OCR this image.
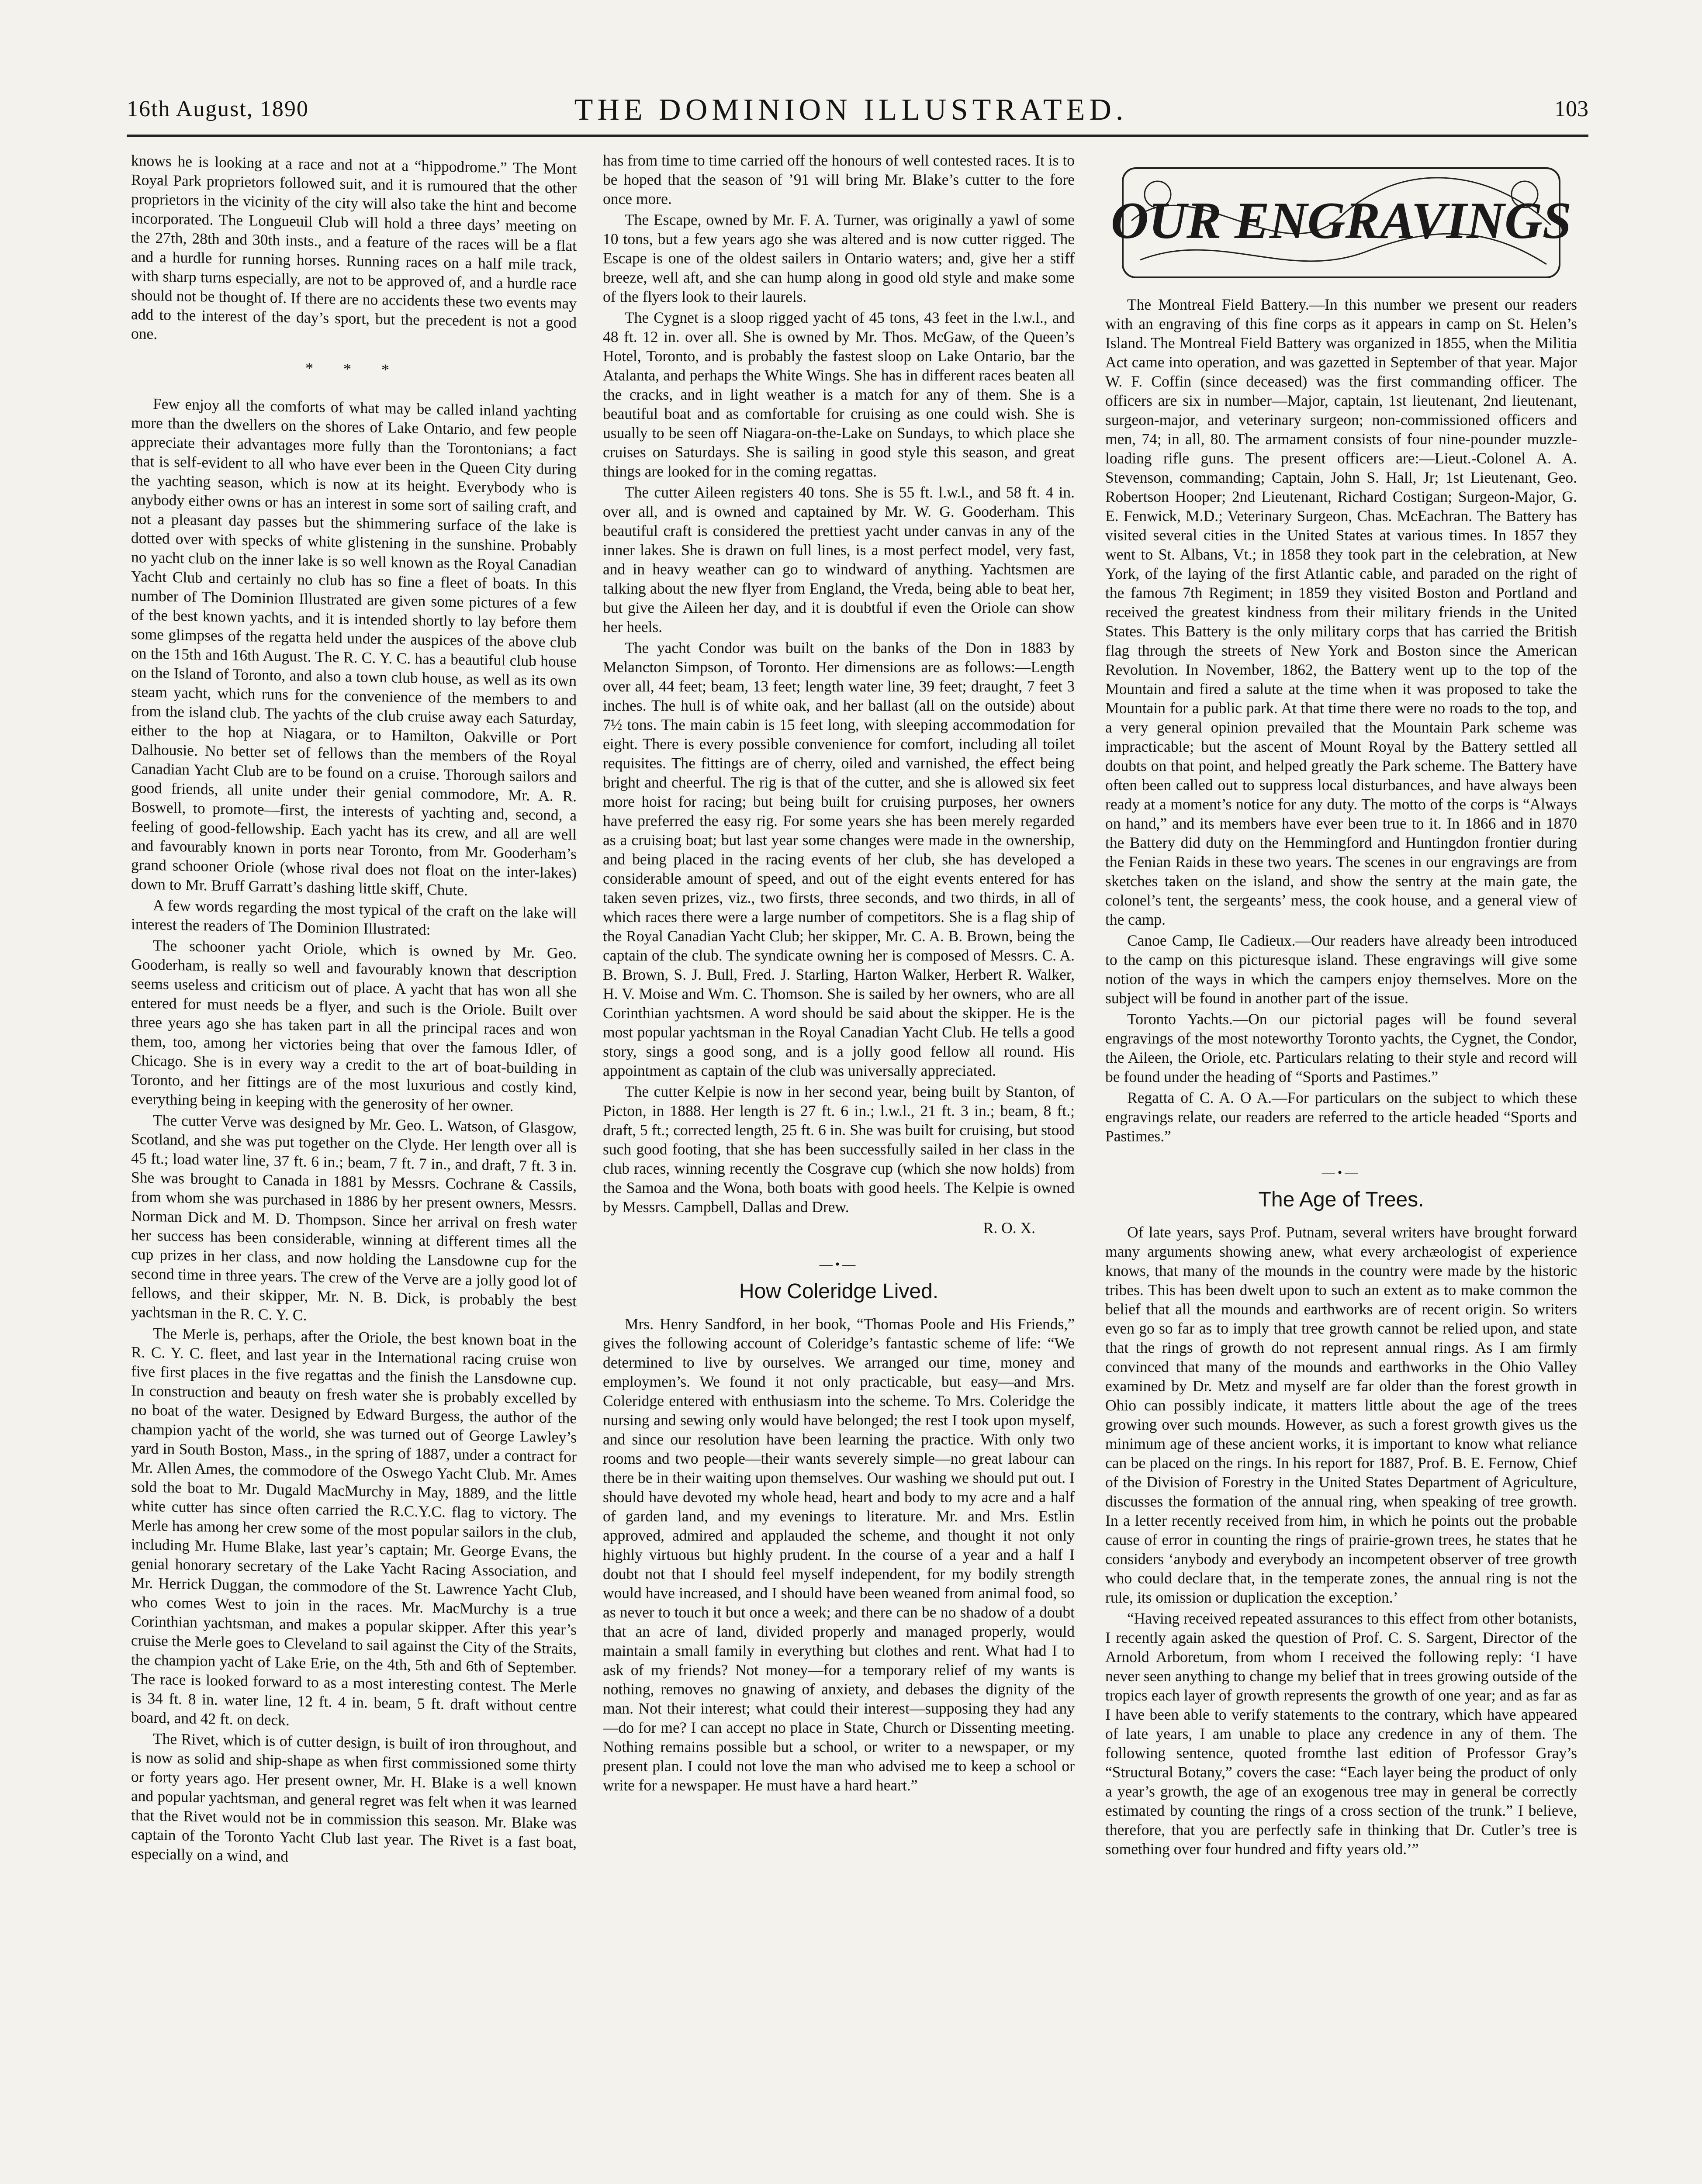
16th August, 1890	THE DOMINION ILLUSTRATED.	103

knows he is looking at a race and not at a “hippodrome.” The Mont Royal Park proprietors followed suit, and it is rumoured that the other proprietors in the vicinity of the city will also take the hint and become incorporated. The Longueuil Club will hold a three days’ meeting on the 27th, 28th and 30th insts., and a feature of the races will be a flat and a hurdle for running horses. Running races on a half mile track, with sharp turns especially, are not to be approved of, and a hurdle race should not be thought of. If there are no accidents these two events may add to the interest of the day’s sport, but the precedent is not a good one.

* * *

Few enjoy all the comforts of what may be called inland yachting more than the dwellers on the shores of Lake Ontario, and few people appreciate their advantages more fully than the Torontonians; a fact that is self-evident to all who have ever been in the Queen City during the yachting season, which is now at its height. Everybody who is anybody either owns or has an interest in some sort of sailing craft, and not a pleasant day passes but the shimmering surface of the lake is dotted over with specks of white glistening in the sunshine. Probably no yacht club on the inner lake is so well known as the Royal Canadian Yacht Club and certainly no club has so fine a fleet of boats. In this number of The Dominion Illustrated are given some pictures of a few of the best known yachts, and it is intended shortly to lay before them some glimpses of the regatta held under the auspices of the above club on the 15th and 16th August. The R. C. Y. C. has a beautiful club house on the Island of Toronto, and also a town club house, as well as its own steam yacht, which runs for the convenience of the members to and from the island club. The yachts of the club cruise away each Saturday, either to the hop at Niagara, or to Hamilton, Oakville or Port Dalhousie. No better set of fellows than the members of the Royal Canadian Yacht Club are to be found on a cruise. Thorough sailors and good friends, all unite under their genial commodore, Mr. A. R. Boswell, to promote—first, the interests of yachting and, second, a feeling of good-fellowship. Each yacht has its crew, and all are well and favourably known in ports near Toronto, from Mr. Gooderham’s grand schooner Oriole (whose rival does not float on the inter-lakes) down to Mr. Bruff Garratt’s dashing little skiff, Chute.

A few words regarding the most typical of the craft on the lake will interest the readers of The Dominion Illustrated:

The schooner yacht Oriole, which is owned by Mr. Geo. Gooderham, is really so well and favourably known that description seems useless and criticism out of place. A yacht that has won all she entered for must needs be a flyer, and such is the Oriole. Built over three years ago she has taken part in all the principal races and won them, too, among her victories being that over the famous Idler, of Chicago. She is in every way a credit to the art of boat-building in Toronto, and her fittings are of the most luxurious and costly kind, everything being in keeping with the generosity of her owner.

The cutter Verve was designed by Mr. Geo. L. Watson, of Glasgow, Scotland, and she was put together on the Clyde. Her length over all is 45 ft.; load water line, 37 ft. 6 in.; beam, 7 ft. 7 in., and draft, 7 ft. 3 in. She was brought to Canada in 1881 by Messrs. Cochrane & Cassils, from whom she was purchased in 1886 by her present owners, Messrs. Norman Dick and M. D. Thompson. Since her arrival on fresh water her success has been considerable, winning at different times all the cup prizes in her class, and now holding the Lansdowne cup for the second time in three years. The crew of the Verve are a jolly good lot of fellows, and their skipper, Mr. N. B. Dick, is probably the best yachtsman in the R. C. Y. C.

The Merle is, perhaps, after the Oriole, the best known boat in the R. C. Y. C. fleet, and last year in the International racing cruise won five first places in the five regattas and the finish the Lansdowne cup. In construction and beauty on fresh water she is probably excelled by no boat of the water. Designed by Edward Burgess, the author of the champion yacht of the world, she was turned out of George Lawley’s yard in South Boston, Mass., in the spring of 1887, under a contract for Mr. Allen Ames, the commodore of the Oswego Yacht Club. Mr. Ames sold the boat to Mr. Dugald MacMurchy in May, 1889, and the little white cutter has since often carried the R.C.Y.C. flag to victory. The Merle has among her crew some of the most popular sailors in the club, including Mr. Hume Blake, last year’s captain; Mr. George Evans, the genial honorary secretary of the Lake Yacht Racing Association, and Mr. Herrick Duggan, the commodore of the St. Lawrence Yacht Club, who comes West to join in the races. Mr. MacMurchy is a true Corinthian yachtsman, and makes a popular skipper. After this year’s cruise the Merle goes to Cleveland to sail against the City of the Straits, the champion yacht of Lake Erie, on the 4th, 5th and 6th of September. The race is looked forward to as a most interesting contest. The Merle is 34 ft. 8 in. water line, 12 ft. 4 in. beam, 5 ft. draft without centre board, and 42 ft. on deck.

The Rivet, which is of cutter design, is built of iron throughout, and is now as solid and ship-shape as when first commissioned some thirty or forty years ago. Her present owner, Mr. H. Blake is a well known and popular yachtsman, and general regret was felt when it was learned that the Rivet would not be in commission this season. Mr. Blake was captain of the Toronto Yacht Club last year. The Rivet is a fast boat, especially on a wind, and

has from time to time carried off the honours of well contested races. It is to be hoped that the season of ’91 will bring Mr. Blake’s cutter to the fore once more.

The Escape, owned by Mr. F. A. Turner, was originally a yawl of some 10 tons, but a few years ago she was altered and is now cutter rigged. The Escape is one of the oldest sailers in Ontario waters; and, give her a stiff breeze, well aft, and she can hump along in good old style and make some of the flyers look to their laurels.

The Cygnet is a sloop rigged yacht of 45 tons, 43 feet in the l.w.l., and 48 ft. 12 in. over all. She is owned by Mr. Thos. McGaw, of the Queen’s Hotel, Toronto, and is probably the fastest sloop on Lake Ontario, bar the Atalanta, and perhaps the White Wings. She has in different races beaten all the cracks, and in light weather is a match for any of them. She is a beautiful boat and as comfortable for cruising as one could wish. She is usually to be seen off Niagara-on-the-Lake on Sundays, to which place she cruises on Saturdays. She is sailing in good style this season, and great things are looked for in the coming regattas.

The cutter Aileen registers 40 tons. She is 55 ft. l.w.l., and 58 ft. 4 in. over all, and is owned and captained by Mr. W. G. Gooderham. This beautiful craft is considered the prettiest yacht under canvas in any of the inner lakes. She is drawn on full lines, is a most perfect model, very fast, and in heavy weather can go to windward of anything. Yachtsmen are talking about the new flyer from England, the Vreda, being able to beat her, but give the Aileen her day, and it is doubtful if even the Oriole can show her heels.

The yacht Condor was built on the banks of the Don in 1883 by Melancton Simpson, of Toronto. Her dimensions are as follows:—Length over all, 44 feet; beam, 13 feet; length water line, 39 feet; draught, 7 feet 3 inches. The hull is of white oak, and her ballast (all on the outside) about 7½ tons. The main cabin is 15 feet long, with sleeping accommodation for eight. There is every possible convenience for comfort, including all toilet requisites. The fittings are of cherry, oiled and varnished, the effect being bright and cheerful. The rig is that of the cutter, and she is allowed six feet more hoist for racing; but being built for cruising purposes, her owners have preferred the easy rig. For some years she has been merely regarded as a cruising boat; but last year some changes were made in the ownership, and being placed in the racing events of her club, she has developed a considerable amount of speed, and out of the eight events entered for has taken seven prizes, viz., two firsts, three seconds, and two thirds, in all of which races there were a large number of competitors. She is a flag ship of the Royal Canadian Yacht Club; her skipper, Mr. C. A. B. Brown, being the captain of the club. The syndicate owning her is composed of Messrs. C. A. B. Brown, S. J. Bull, Fred. J. Starling, Harton Walker, Herbert R. Walker, H. V. Moise and Wm. C. Thomson. She is sailed by her owners, who are all Corinthian yachtsmen. A word should be said about the skipper. He is the most popular yachtsman in the Royal Canadian Yacht Club. He tells a good story, sings a good song, and is a jolly good fellow all round. His appointment as captain of the club was universally appreciated.

The cutter Kelpie is now in her second year, being built by Stanton, of Picton, in 1888. Her length is 27 ft. 6 in.; l.w.l., 21 ft. 3 in.; beam, 8 ft.; draft, 5 ft.; corrected length, 25 ft. 6 in. She was built for cruising, but stood such good footing, that she has been successfully sailed in her class in the club races, winning recently the Cosgrave cup (which she now holds) from the Samoa and the Wona, both boats with good heels. The Kelpie is owned by Messrs. Campbell, Dallas and Drew.

R. O. X.
—•—
How Coleridge Lived.

Mrs. Henry Sandford, in her book, “Thomas Poole and His Friends,” gives the following account of Coleridge’s fantastic scheme of life: “We determined to live by ourselves. We arranged our time, money and employmen’s. We found it not only practicable, but easy—and Mrs. Coleridge entered with enthusiasm into the scheme. To Mrs. Coleridge the nursing and sewing only would have belonged; the rest I took upon myself, and since our resolution have been learning the practice. With only two rooms and two people—their wants severely simple—no great labour can there be in their waiting upon themselves. Our washing we should put out. I should have devoted my whole head, heart and body to my acre and a half of garden land, and my evenings to literature. Mr. and Mrs. Estlin approved, admired and applauded the scheme, and thought it not only highly virtuous but highly prudent. In the course of a year and a half I doubt not that I should feel myself independent, for my bodily strength would have increased, and I should have been weaned from animal food, so as never to touch it but once a week; and there can be no shadow of a doubt that an acre of land, divided properly and managed properly, would maintain a small family in everything but clothes and rent. What had I to ask of my friends? Not money—for a temporary relief of my wants is nothing, removes no gnawing of anxiety, and debases the dignity of the man. Not their interest; what could their interest—supposing they had any—do for me? I can accept no place in State, Church or Dissenting meeting. Nothing remains possible but a school, or writer to a newspaper, or my present plan. I could not love the man who advised me to keep a school or write for a newspaper. He must have a hard heart.”

OUR ENGRAVINGS

The Montreal Field Battery.—In this number we present our readers with an engraving of this fine corps as it appears in camp on St. Helen’s Island. The Montreal Field Battery was organized in 1855, when the Militia Act came into operation, and was gazetted in September of that year. Major W. F. Coffin (since deceased) was the first commanding officer. The officers are six in number—Major, captain, 1st lieutenant, 2nd lieutenant, surgeon-major, and veterinary surgeon; non-commissioned officers and men, 74; in all, 80. The armament consists of four nine-pounder muzzle-loading rifle guns. The present officers are:—Lieut.-Colonel A. A. Stevenson, commanding; Captain, John S. Hall, Jr; 1st Lieutenant, Geo. Robertson Hooper; 2nd Lieutenant, Richard Costigan; Surgeon-Major, G. E. Fenwick, M.D.; Veterinary Surgeon, Chas. McEachran. The Battery has visited several cities in the United States at various times. In 1857 they went to St. Albans, Vt.; in 1858 they took part in the celebration, at New York, of the laying of the first Atlantic cable, and paraded on the right of the famous 7th Regiment; in 1859 they visited Boston and Portland and received the greatest kindness from their military friends in the United States. This Battery is the only military corps that has carried the British flag through the streets of New York and Boston since the American Revolution. In November, 1862, the Battery went up to the top of the Mountain and fired a salute at the time when it was proposed to take the Mountain for a public park. At that time there were no roads to the top, and a very general opinion prevailed that the Mountain Park scheme was impracticable; but the ascent of Mount Royal by the Battery settled all doubts on that point, and helped greatly the Park scheme. The Battery have often been called out to suppress local disturbances, and have always been ready at a moment’s notice for any duty. The motto of the corps is “Always on hand,” and its members have ever been true to it. In 1866 and in 1870 the Battery did duty on the Hemmingford and Huntingdon frontier during the Fenian Raids in these two years. The scenes in our engravings are from sketches taken on the island, and show the sentry at the main gate, the colonel’s tent, the sergeants’ mess, the cook house, and a general view of the camp.

Canoe Camp, Ile Cadieux.—Our readers have already been introduced to the camp on this picturesque island. These engravings will give some notion of the ways in which the campers enjoy themselves. More on the subject will be found in another part of the issue.

Toronto Yachts.—On our pictorial pages will be found several engravings of the most noteworthy Toronto yachts, the Cygnet, the Condor, the Aileen, the Oriole, etc. Particulars relating to their style and record will be found under the heading of “Sports and Pastimes.”

Regatta of C. A. O A.—For particulars on the subject to which these engravings relate, our readers are referred to the article headed “Sports and Pastimes.”

—•—
The Age of Trees.

Of late years, says Prof. Putnam, several writers have brought forward many arguments showing anew, what every archæologist of experience knows, that many of the mounds in the country were made by the historic tribes. This has been dwelt upon to such an extent as to make common the belief that all the mounds and earthworks are of recent origin. So writers even go so far as to imply that tree growth cannot be relied upon, and state that the rings of growth do not represent annual rings. As I am firmly convinced that many of the mounds and earthworks in the Ohio Valley examined by Dr. Metz and myself are far older than the forest growth in Ohio can possibly indicate, it matters little about the age of the trees growing over such mounds. However, as such a forest growth gives us the minimum age of these ancient works, it is important to know what reliance can be placed on the rings. In his report for 1887, Prof. B. E. Fernow, Chief of the Division of Forestry in the United States Department of Agriculture, discusses the formation of the annual ring, when speaking of tree growth. In a letter recently received from him, in which he points out the probable cause of error in counting the rings of prairie-grown trees, he states that he considers ‘anybody and everybody an incompetent observer of tree growth who could declare that, in the temperate zones, the annual ring is not the rule, its omission or duplication the exception.’

“Having received repeated assurances to this effect from other botanists, I recently again asked the question of Prof. C. S. Sargent, Director of the Arnold Arboretum, from whom I received the following reply: ‘I have never seen anything to change my belief that in trees growing outside of the tropics each layer of growth represents the growth of one year; and as far as I have been able to verify statements to the contrary, which have appeared of late years, I am unable to place any credence in any of them. The following sentence, quoted fromthe last edition of Professor Gray’s “Structural Botany,” covers the case: “Each layer being the product of only a year’s growth, the age of an exogenous tree may in general be correctly estimated by counting the rings of a cross section of the trunk.” I believe, therefore, that you are perfectly safe in thinking that Dr. Cutler’s tree is something over four hundred and fifty years old.’”
